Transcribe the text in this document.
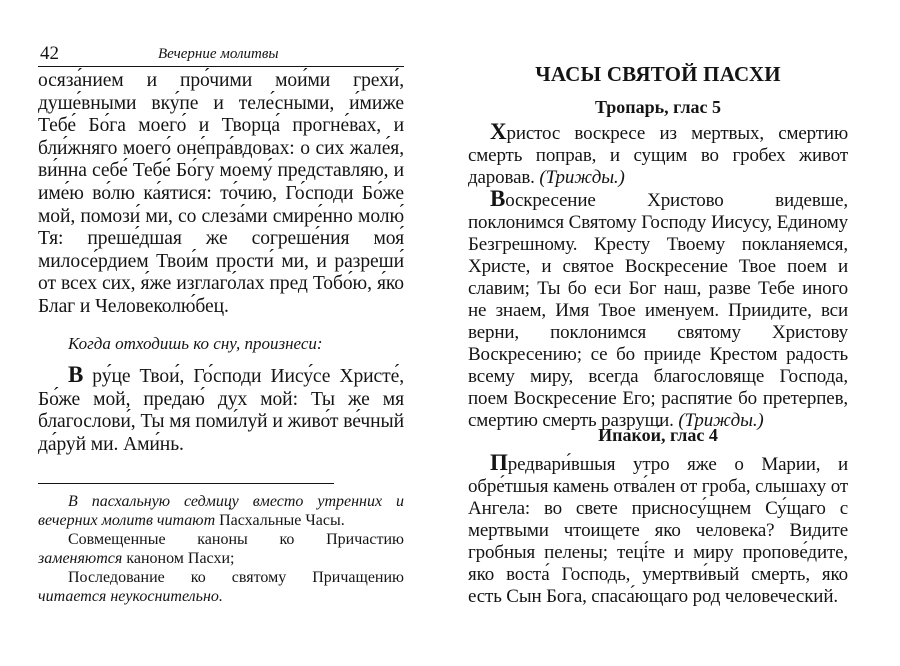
42	Вечерние молитвы

осяза́нием и про́чими мои́ми грехи́, душе́вными вку́пе и теле́сными, и́миже Тебе́ Бо́га моего́ и Творца́ прогне́вах, и бли́жняго моего́ оне́пра́вдовах: о сих жале́я, ви́нна себе́ Тебе́ Бо́гу моему́ представляю, и име́ю во́лю ка́ятися: то́чию, Го́споди Бо́же мой, помози́ ми, со слеза́ми смире́нно молю́ Тя: преше́дшая же согреше́ния моя́ милосе́рдием Твои́м прости́ ми, и разреши́ от всех сих, я́же изглаго́лах пред Тобо́ю, я́ко Благ и Человеколю́бец.

Когда отходишь ко сну, произнеси:

В ру́це Твои́, Го́споди Иису́се Христе́, Бо́же мой, предаю́ дух мой: Ты же мя благослови́, Ты мя поми́луй и живо́т ве́чный да́руй ми. Ами́нь.

В пасхальную седмицу вместо утренних и вечерних молитв читают Пасхальные Часы.

Совмещенные каноны ко Причастию заменяются каноном Пасхи;

Последование ко святому Причащению читается неукоснительно.

ЧАСЫ СВЯТОЙ ПАСХИ
Тропарь, глас 5

Христос воскресе из мертвых, смертию смерть поправ, и сущим во гробех живот даровав. (Трижды.)

Воскресение Христово видевше, поклонимся Святому Господу Иисусу, Единому Безгрешному. Кресту Твоему покланяемся, Христе, и святое Воскресение Твое поем и славим; Ты бо еси Бог наш, разве Тебе иного не знаем, Имя Твое именуем. Приидите, вси верни, поклонимся святому Христову Воскресению; се бо прииде Крестом радость всему миру, всегда благословяще Господа, поем Воскресение Его; распятие бо претерпев, смертию смерть разруши. (Трижды.)

Ипакои́, глас 4

Предвари́вшыя утро яже о Марии, и обре́тшыя камень отва́лен от гроба, слышаху от Ангела: во свете присносу́щнем Су́щаго с мертвыми чтоищете яко человека? Видите гробныя пелены; теці́те и миру пропове́дите, яко воста́ Господь, умертви́вый смерть, яко есть Сын Бога, спаса́ющаго род человеческий.
